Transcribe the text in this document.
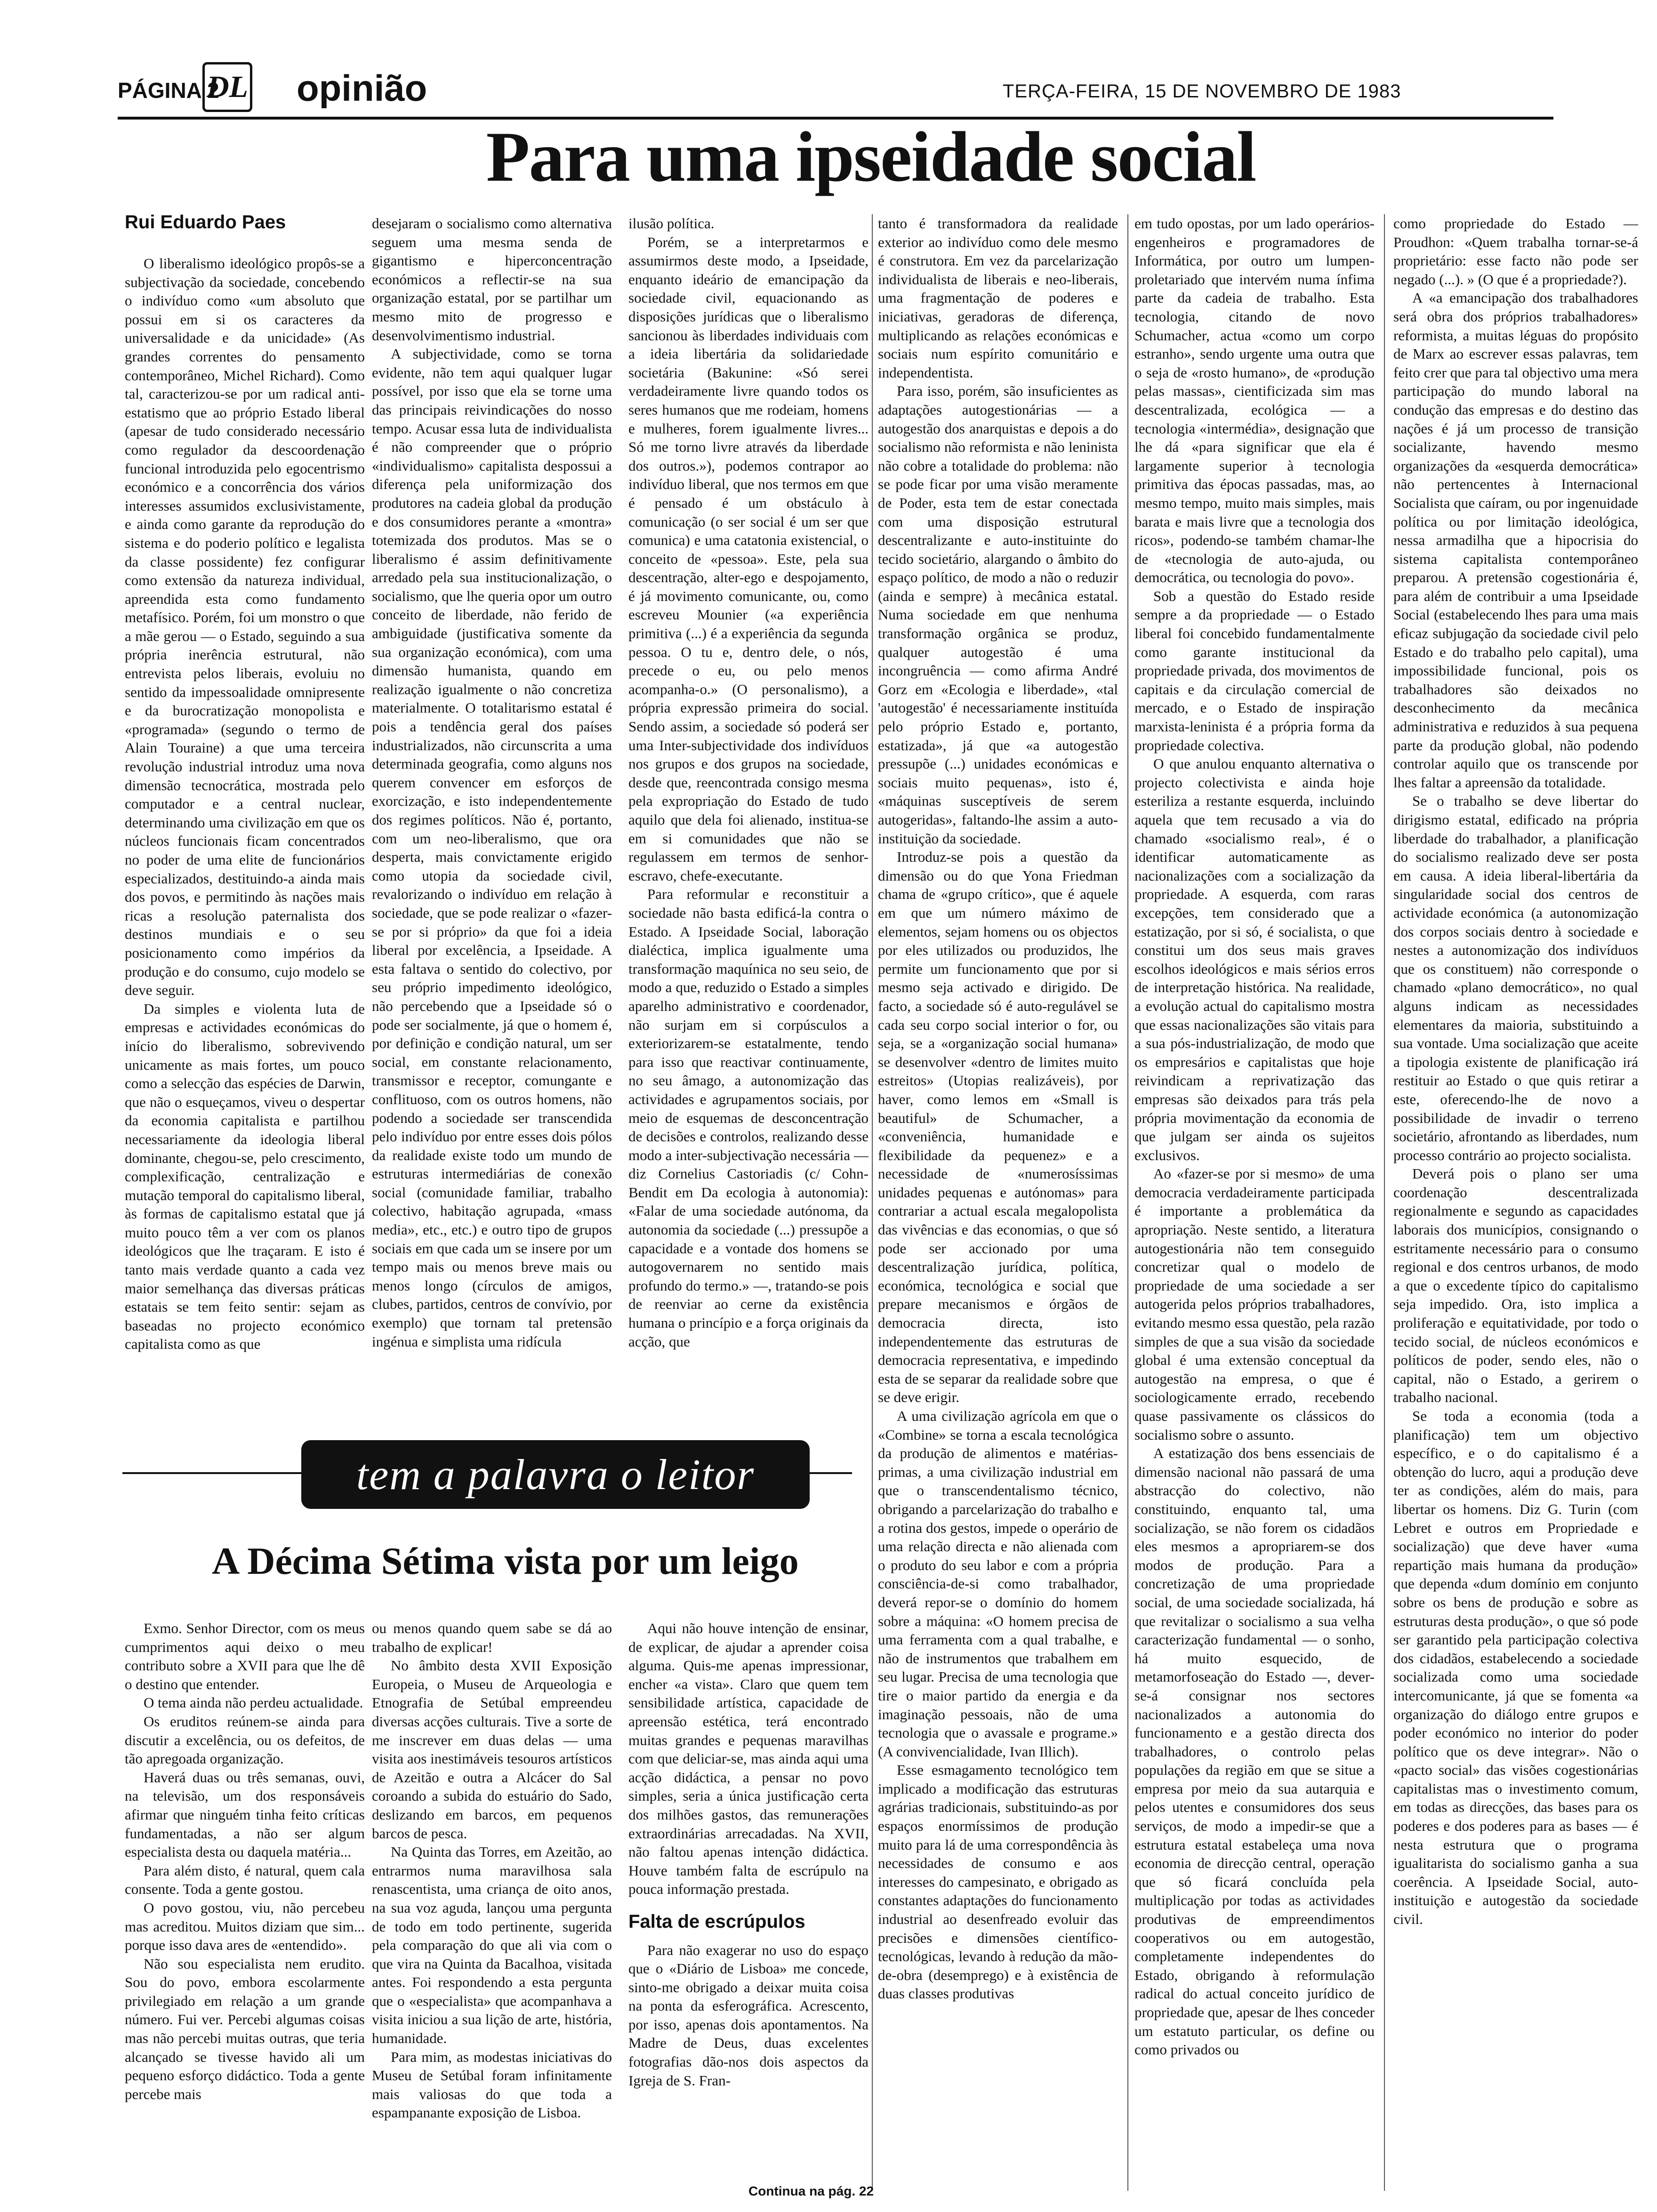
PÁGINA 2
DL opinião	TERÇA-FEIRA, 15 DE NOVEMBRO DE 1983
Para uma ipseidade social
Rui Eduardo Paes

O liberalismo ideológico propôs-se a subjectivação da sociedade, concebendo o indivíduo como «um absoluto que possui em si os caracteres da universalidade e da unicidade» (As grandes correntes do pensamento contemporâneo, Michel Richard). Como tal, caracterizou-se por um radical anti-estatismo que ao próprio Estado liberal (apesar de tudo considerado necessário como regulador da descoordenação funcional introduzida pelo egocentrismo económico e a concorrência dos vários interesses assumidos exclusivistamente, e ainda como garante da reprodução do sistema e do poderio político e legalista da classe possidente) fez configurar como extensão da natureza individual, apreendida esta como fundamento metafísico. Porém, foi um monstro o que a mãe gerou — o Estado, seguindo a sua própria inerência estrutural, não entrevista pelos liberais, evoluiu no sentido da impessoalidade omnipresente e da burocratização monopolista e «programada» (segundo o termo de Alain Touraine) a que uma terceira revolução industrial introduz uma nova dimensão tecnocrática, mostrada pelo computador e a central nuclear, determinando uma civilização em que os núcleos funcionais ficam concentrados no poder de uma elite de funcionários especializados, destituindo-a ainda mais dos povos, e permitindo às nações mais ricas a resolução paternalista dos destinos mundiais e o seu posicionamento como impérios da produção e do consumo, cujo modelo se deve seguir.

Da simples e violenta luta de empresas e actividades económicas do início do liberalismo, sobrevivendo unicamente as mais fortes, um pouco como a selecção das espécies de Darwin, que não o esqueçamos, viveu o despertar da economia capitalista e partilhou necessariamente da ideologia liberal dominante, chegou-se, pelo crescimento, complexificação, centralização e mutação temporal do capitalismo liberal, às formas de capitalismo estatal que já muito pouco têm a ver com os planos ideológicos que lhe traçaram. E isto é tanto mais verdade quanto a cada vez maior semelhança das diversas práticas estatais se tem feito sentir: sejam as baseadas no projecto económico capitalista como as que

desejaram o socialismo como alternativa seguem uma mesma senda de gigantismo e hiperconcentração económicos a reflectir-se na sua organização estatal, por se partilhar um mesmo mito de progresso e desenvolvimentismo industrial.

A subjectividade, como se torna evidente, não tem aqui qualquer lugar possível, por isso que ela se torne uma das principais reivindicações do nosso tempo. Acusar essa luta de individualista é não compreender que o próprio «individualismo» capitalista despossui a diferença pela uniformização dos produtores na cadeia global da produção e dos consumidores perante a «montra» totemizada dos produtos. Mas se o liberalismo é assim definitivamente arredado pela sua institucionalização, o socialismo, que lhe queria opor um outro conceito de liberdade, não ferido de ambiguidade (justificativa somente da sua organização económica), com uma dimensão humanista, quando em realização igualmente o não concretiza materialmente. O totalitarismo estatal é pois a tendência geral dos países industrializados, não circunscrita a uma determinada geografia, como alguns nos querem convencer em esforços de exorcização, e isto independentemente dos regimes políticos. Não é, portanto, com um neo-liberalismo, que ora desperta, mais convictamente erigido como utopia da sociedade civil, revalorizando o indivíduo em relação à sociedade, que se pode realizar o «fazer-se por si próprio» da que foi a ideia liberal por excelência, a Ipseidade. A esta faltava o sentido do colectivo, por seu próprio impedimento ideológico, não percebendo que a Ipseidade só o pode ser socialmente, já que o homem é, por definição e condição natural, um ser social, em constante relacionamento, transmissor e receptor, comungante e conflituoso, com os outros homens, não podendo a sociedade ser transcendida pelo indivíduo por entre esses dois pólos da realidade existe todo um mundo de estruturas intermediárias de conexão social (comunidade familiar, trabalho colectivo, habitação agrupada, «mass media», etc., etc.) e outro tipo de grupos sociais em que cada um se insere por um tempo mais ou menos breve mais ou menos longo (círculos de amigos, clubes, partidos, centros de convívio, por exemplo) que tornam tal pretensão ingénua e simplista uma ridícula

ilusão política.

Porém, se a interpretarmos e assumirmos deste modo, a Ipseidade, enquanto ideário de emancipação da sociedade civil, equacionando as disposições jurídicas que o liberalismo sancionou às liberdades individuais com a ideia libertária da solidariedade societária (Bakunine: «Só serei verdadeiramente livre quando todos os seres humanos que me rodeiam, homens e mulheres, forem igualmente livres... Só me torno livre através da liberdade dos outros.»), podemos contrapor ao indivíduo liberal, que nos termos em que é pensado é um obstáculo à comunicação (o ser social é um ser que comunica) e uma catatonia existencial, o conceito de «pessoa». Este, pela sua descentração, alter-ego e despojamento, é já movimento comunicante, ou, como escreveu Mounier («a experiência primitiva (...) é a experiência da segunda pessoa. O tu e, dentro dele, o nós, precede o eu, ou pelo menos acompanha-o.» (O personalismo), a própria expressão primeira do social. Sendo assim, a sociedade só poderá ser uma Inter-subjectividade dos indivíduos nos grupos e dos grupos na sociedade, desde que, reencontrada consigo mesma pela expropriação do Estado de tudo aquilo que dela foi alienado, institua-se em si comunidades que não se regulassem em termos de senhor-escravo, chefe-executante.

Para reformular e reconstituir a sociedade não basta edificá-la contra o Estado. A Ipseidade Social, laboração dialéctica, implica igualmente uma transformação maquínica no seu seio, de modo a que, reduzido o Estado a simples aparelho administrativo e coordenador, não surjam em si corpúsculos a exteriorizarem-se estatalmente, tendo para isso que reactivar continuamente, no seu âmago, a autonomização das actividades e agrupamentos sociais, por meio de esquemas de desconcentração de decisões e controlos, realizando desse modo a inter-subjectivação necessária — diz Cornelius Castoriadis (c/ Cohn-Bendit em Da ecologia à autonomia): «Falar de uma sociedade autónoma, da autonomia da sociedade (...) pressupõe a capacidade e a vontade dos homens se autogovernarem no sentido mais profundo do termo.» —, tratando-se pois de reenviar ao cerne da existência humana o princípio e a força originais da acção, que

tanto é transformadora da realidade exterior ao indivíduo como dele mesmo é construtora. Em vez da parcelarização individualista de liberais e neo-liberais, uma fragmentação de poderes e iniciativas, geradoras de diferença, multiplicando as relações económicas e sociais num espírito comunitário e independentista.

Para isso, porém, são insuficientes as adaptações autogestionárias — a autogestão dos anarquistas e depois a do socialismo não reformista e não leninista não cobre a totalidade do problema: não se pode ficar por uma visão meramente de Poder, esta tem de estar conectada com uma disposição estrutural descentralizante e auto-instituinte do tecido societário, alargando o âmbito do espaço político, de modo a não o reduzir (ainda e sempre) à mecânica estatal. Numa sociedade em que nenhuma transformação orgânica se produz, qualquer autogestão é uma incongruência — como afirma André Gorz em «Ecologia e liberdade», «tal 'autogestão' é necessariamente instituída pelo próprio Estado e, portanto, estatizada», já que «a autogestão pressupõe (...) unidades económicas e sociais muito pequenas», isto é, «máquinas susceptíveis de serem autogeridas», faltando-lhe assim a auto-instituição da sociedade.

Introduz-se pois a questão da dimensão ou do que Yona Friedman chama de «grupo crítico», que é aquele em que um número máximo de elementos, sejam homens ou os objectos por eles utilizados ou produzidos, lhe permite um funcionamento que por si mesmo seja activado e dirigido. De facto, a sociedade só é auto-regulável se cada seu corpo social interior o for, ou seja, se a «organização social humana» se desenvolver «dentro de limites muito estreitos» (Utopias realizáveis), por haver, como lemos em «Small is beautiful» de Schumacher, a «conveniência, humanidade e flexibilidade da pequenez» e a necessidade de «numerosíssimas unidades pequenas e autónomas» para contrariar a actual escala megalopolista das vivências e das economias, o que só pode ser accionado por uma descentralização jurídica, política, económica, tecnológica e social que prepare mecanismos e órgãos de democracia directa, isto independentemente das estruturas de democracia representativa, e impedindo esta de se separar da realidade sobre que se deve erigir.

A uma civilização agrícola em que o «Combine» se torna a escala tecnológica da produção de alimentos e matérias-primas, a uma civilização industrial em que o transcendentalismo técnico, obrigando a parcelarização do trabalho e a rotina dos gestos, impede o operário de uma relação directa e não alienada com o produto do seu labor e com a própria consciência-de-si como trabalhador, deverá repor-se o domínio do homem sobre a máquina: «O homem precisa de uma ferramenta com a qual trabalhe, e não de instrumentos que trabalhem em seu lugar. Precisa de uma tecnologia que tire o maior partido da energia e da imaginação pessoais, não de uma tecnologia que o avassale e programe.» (A convivencialidade, Ivan Illich).

Esse esmagamento tecnológico tem implicado a modificação das estruturas agrárias tradicionais, substituindo-as por espaços enormíssimos de produção muito para lá de uma correspondência às necessidades de consumo e aos interesses do campesinato, e obrigado as constantes adaptações do funcionamento industrial ao desenfreado evoluir das precisões e dimensões científico-tecnológicas, levando à redução da mão-de-obra (desemprego) e à existência de duas classes produtivas

em tudo opostas, por um lado operários-engenheiros e programadores de Informática, por outro um lumpen-proletariado que intervém numa ínfima parte da cadeia de trabalho. Esta tecnologia, citando de novo Schumacher, actua «como um corpo estranho», sendo urgente uma outra que o seja de «rosto humano», de «produção pelas massas», cientificizada sim mas descentralizada, ecológica — a tecnologia «intermédia», designação que lhe dá «para significar que ela é largamente superior à tecnologia primitiva das épocas passadas, mas, ao mesmo tempo, muito mais simples, mais barata e mais livre que a tecnologia dos ricos», podendo-se também chamar-lhe de «tecnologia de auto-ajuda, ou democrática, ou tecnologia do povo».

Sob a questão do Estado reside sempre a da propriedade — o Estado liberal foi concebido fundamentalmente como garante institucional da propriedade privada, dos movimentos de capitais e da circulação comercial de mercado, e o Estado de inspiração marxista-leninista é a própria forma da propriedade colectiva.

O que anulou enquanto alternativa o projecto colectivista e ainda hoje esteriliza a restante esquerda, incluindo aquela que tem recusado a via do chamado «socialismo real», é o identificar automaticamente as nacionalizações com a socialização da propriedade. A esquerda, com raras excepções, tem considerado que a estatização, por si só, é socialista, o que constitui um dos seus mais graves escolhos ideológicos e mais sérios erros de interpretação histórica. Na realidade, a evolução actual do capitalismo mostra que essas nacionalizações são vitais para a sua pós-industrialização, de modo que os empresários e capitalistas que hoje reivindicam a reprivatização das empresas são deixados para trás pela própria movimentação da economia de que julgam ser ainda os sujeitos exclusivos.

Ao «fazer-se por si mesmo» de uma democracia verdadeiramente participada é importante a problemática da apropriação. Neste sentido, a literatura autogestionária não tem conseguido concretizar qual o modelo de propriedade de uma sociedade a ser autogerida pelos próprios trabalhadores, evitando mesmo essa questão, pela razão simples de que a sua visão da sociedade global é uma extensão conceptual da autogestão na empresa, o que é sociologicamente errado, recebendo quase passivamente os clássicos do socialismo sobre o assunto.

A estatização dos bens essenciais de dimensão nacional não passará de uma abstracção do colectivo, não constituindo, enquanto tal, uma socialização, se não forem os cidadãos eles mesmos a apropriarem-se dos modos de produção. Para a concretização de uma propriedade social, de uma sociedade socializada, há que revitalizar o socialismo a sua velha caracterização fundamental — o sonho, há muito esquecido, de metamorfoseação do Estado —, dever-se-á consignar nos sectores nacionalizados a autonomia do funcionamento e a gestão directa dos trabalhadores, o controlo pelas populações da região em que se situe a empresa por meio da sua autarquia e pelos utentes e consumidores dos seus serviços, de modo a impedir-se que a estrutura estatal estabeleça uma nova economia de direcção central, operação que só ficará concluída pela multiplicação por todas as actividades produtivas de empreendimentos cooperativos ou em autogestão, completamente independentes do Estado, obrigando à reformulação radical do actual conceito jurídico de propriedade que, apesar de lhes conceder um estatuto particular, os define ou como privados ou

como propriedade do Estado — Proudhon: «Quem trabalha tornar-se-á proprietário: esse facto não pode ser negado (...). » (O que é a propriedade?).

A «a emancipação dos trabalhadores será obra dos próprios trabalhadores» reformista, a muitas léguas do propósito de Marx ao escrever essas palavras, tem feito crer que para tal objectivo uma mera participação do mundo laboral na condução das empresas e do destino das nações é já um processo de transição socializante, havendo mesmo organizações da «esquerda democrática» não pertencentes à Internacional Socialista que caíram, ou por ingenuidade política ou por limitação ideológica, nessa armadilha que a hipocrisia do sistema capitalista contemporâneo preparou. A pretensão cogestionária é, para além de contribuir a uma Ipseidade Social (estabelecendo lhes para uma mais eficaz subjugação da sociedade civil pelo Estado e do trabalho pelo capital), uma impossibilidade funcional, pois os trabalhadores são deixados no desconhecimento da mecânica administrativa e reduzidos à sua pequena parte da produção global, não podendo controlar aquilo que os transcende por lhes faltar a apreensão da totalidade.

Se o trabalho se deve libertar do dirigismo estatal, edificado na própria liberdade do trabalhador, a planificação do socialismo realizado deve ser posta em causa. A ideia liberal-libertária da singularidade social dos centros de actividade económica (a autonomização dos corpos sociais dentro à sociedade e nestes a autonomização dos indivíduos que os constituem) não corresponde o chamado «plano democrático», no qual alguns indicam as necessidades elementares da maioria, substituindo a sua vontade. Uma socialização que aceite a tipologia existente de planificação irá restituir ao Estado o que quis retirar a este, oferecendo-lhe de novo a possibilidade de invadir o terreno societário, afrontando as liberdades, num processo contrário ao projecto socialista.

Deverá pois o plano ser uma coordenação descentralizada regionalmente e segundo as capacidades laborais dos municípios, consignando o estritamente necessário para o consumo regional e dos centros urbanos, de modo a que o excedente típico do capitalismo seja impedido. Ora, isto implica a proliferação e equitatividade, por todo o tecido social, de núcleos económicos e políticos de poder, sendo eles, não o capital, não o Estado, a gerirem o trabalho nacional.

Se toda a economia (toda a planificação) tem um objectivo específico, e o do capitalismo é a obtenção do lucro, aqui a produção deve ter as condições, além do mais, para libertar os homens. Diz G. Turin (com Lebret e outros em Propriedade e socialização) que deve haver «uma repartição mais humana da produção» que dependa «dum domínio em conjunto sobre os bens de produção e sobre as estruturas desta produção», o que só pode ser garantido pela participação colectiva dos cidadãos, estabelecendo a sociedade socializada como uma sociedade intercomunicante, já que se fomenta «a organização do diálogo entre grupos e poder económico no interior do poder político que os deve integrar». Não o «pacto social» das visões cogestionárias capitalistas mas o investimento comum, em todas as direcções, das bases para os poderes e dos poderes para as bases — é nesta estrutura que o programa igualitarista do socialismo ganha a sua coerência. A Ipseidade Social, auto-instituição e autogestão da sociedade civil.

tem a palavra o leitor
A Décima Sétima vista por um leigo

Exmo. Senhor Director, com os meus cumprimentos aqui deixo o meu contributo sobre a XVII para que lhe dê o destino que entender.

O tema ainda não perdeu actualidade.

Os eruditos reúnem-se ainda para discutir a excelência, ou os defeitos, de tão apregoada organização.

Haverá duas ou três semanas, ouvi, na televisão, um dos responsáveis afirmar que ninguém tinha feito críticas fundamentadas, a não ser algum especialista desta ou daquela matéria...

Para além disto, é natural, quem cala consente. Toda a gente gostou.

O povo gostou, viu, não percebeu mas acreditou. Muitos diziam que sim... porque isso dava ares de «entendido».

Não sou especialista nem erudito. Sou do povo, embora escolarmente privilegiado em relação a um grande número. Fui ver. Percebi algumas coisas mas não percebi muitas outras, que teria alcançado se tivesse havido ali um pequeno esforço didáctico. Toda a gente percebe mais

ou menos quando quem sabe se dá ao trabalho de explicar!

No âmbito desta XVII Exposição Europeia, o Museu de Arqueologia e Etnografia de Setúbal empreendeu diversas acções culturais. Tive a sorte de me inscrever em duas delas — uma visita aos inestimáveis tesouros artísticos de Azeitão e outra a Alcácer do Sal coroando a subida do estuário do Sado, deslizando em barcos, em pequenos barcos de pesca.

Na Quinta das Torres, em Azeitão, ao entrarmos numa maravilhosa sala renascentista, uma criança de oito anos, na sua voz aguda, lançou uma pergunta de todo em todo pertinente, sugerida pela comparação do que ali via com o que vira na Quinta da Bacalhoa, visitada antes. Foi respondendo a esta pergunta que o «especialista» que acompanhava a visita iniciou a sua lição de arte, história, humanidade.

Para mim, as modestas iniciativas do Museu de Setúbal foram infinitamente mais valiosas do que toda a espampanante exposição de Lisboa.

Aqui não houve intenção de ensinar, de explicar, de ajudar a aprender coisa alguma. Quis-me apenas impressionar, encher «a vista». Claro que quem tem sensibilidade artística, capacidade de apreensão estética, terá encontrado muitas grandes e pequenas maravilhas com que deliciar-se, mas ainda aqui uma acção didáctica, a pensar no povo simples, seria a única justificação certa dos milhões gastos, das remunerações extraordinárias arrecadadas. Na XVII, não faltou apenas intenção didáctica. Houve também falta de escrúpulo na pouca informação prestada.

Falta de escrúpulos

Para não exagerar no uso do espaço que o «Diário de Lisboa» me concede, sinto-me obrigado a deixar muita coisa na ponta da esferográfica. Acrescento, por isso, apenas dois apontamentos. Na Madre de Deus, duas excelentes fotografias dão-nos dois aspectos da Igreja de S. Fran-

Continua na pág. 22
